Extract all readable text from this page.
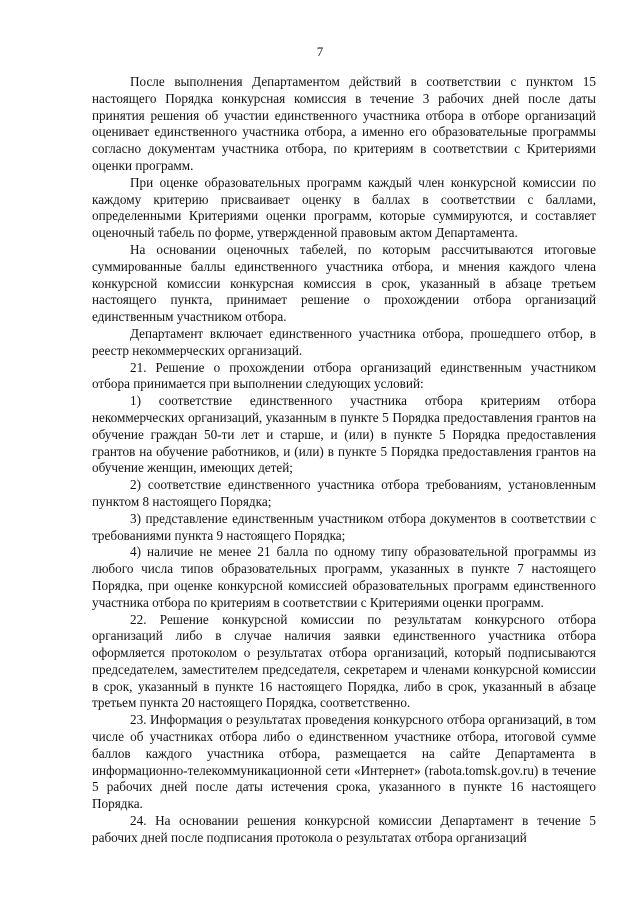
7

После выполнения Департаментом действий в соответствии с пунктом 15 настоящего Порядка конкурсная комиссия в течение 3 рабочих дней после даты принятия решения об участии единственного участника отбора в отборе организаций оценивает единственного участника отбора, а именно его образовательные программы согласно документам участника отбора, по критериям в соответствии с Критериями оценки программ.

При оценке образовательных программ каждый член конкурсной комиссии по каждому критерию присваивает оценку в баллах в соответствии с баллами, определенными Критериями оценки программ, которые суммируются, и составляет оценочный табель по форме, утвержденной правовым актом Департамента.

На основании оценочных табелей, по которым рассчитываются итоговые суммированные баллы единственного участника отбора, и мнения каждого члена конкурсной комиссии конкурсная комиссия в срок, указанный в абзаце третьем настоящего пункта, принимает решение о прохождении отбора организаций единственным участником отбора.

Департамент включает единственного участника отбора, прошедшего отбор, в реестр некоммерческих организаций.

21. Решение о прохождении отбора организаций единственным участником отбора принимается при выполнении следующих условий:

1) соответствие единственного участника отбора критериям отбора некоммерческих организаций, указанным в пункте 5 Порядка предоставления грантов на обучение граждан 50-ти лет и старше, и (или) в пункте 5 Порядка предоставления грантов на обучение работников, и (или) в пункте 5 Порядка предоставления грантов на обучение женщин, имеющих детей;

2) соответствие единственного участника отбора требованиям, установленным пунктом 8 настоящего Порядка;

3) представление единственным участником отбора документов в соответствии с требованиями пункта 9 настоящего Порядка;

4) наличие не менее 21 балла по одному типу образовательной программы из любого числа типов образовательных программ, указанных в пункте 7 настоящего Порядка, при оценке конкурсной комиссией образовательных программ единственного участника отбора по критериям в соответствии с Критериями оценки программ.

22. Решение конкурсной комиссии по результатам конкурсного отбора организаций либо в случае наличия заявки единственного участника отбора оформляется протоколом о результатах отбора организаций, который подписываются председателем, заместителем председателя, секретарем и членами конкурсной комиссии в срок, указанный в пункте 16 настоящего Порядка, либо в срок, указанный в абзаце третьем пункта 20 настоящего Порядка, соответственно.

23. Информация о результатах проведения конкурсного отбора организаций, в том числе об участниках отбора либо о единственном участнике отбора, итоговой сумме баллов каждого участника отбора, размещается на сайте Департамента в информационно-телекоммуникационной сети «Интернет» (rabota.tomsk.gov.ru) в течение 5 рабочих дней после даты истечения срока, указанного в пункте 16 настоящего Порядка.

24. На основании решения конкурсной комиссии Департамент в течение 5 рабочих дней после подписания протокола о результатах отбора организаций
